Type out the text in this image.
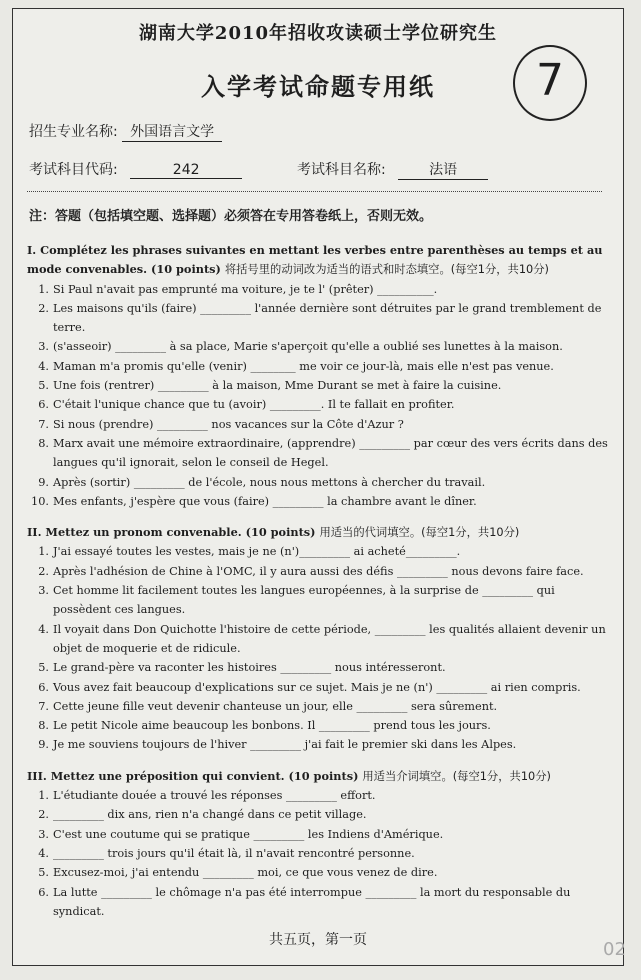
湖南大学2010年招收攻读硕士学位研究生
入学考试命题专用纸	7
招生专业名称: 外国语言文学
考试科目代码:	242	考试科目名称:	法语
注：答题（包括填空题、选择题）必须答在专用答卷纸上，否则无效。
I. Complétez les phrases suivantes en mettant les verbes entre parenthèses au temps et au mode convenables. (10 points) 将括号里的动词改为适当的语式和时态填空。(每空1分，共10分)
1. Si Paul n'avait pas emprunté ma voiture, je te l' (prêter) __________.
2. Les maisons qu'ils (faire) _________ l'année dernière sont détruites par le grand tremblement de terre.
3. (s'asseoir) _________ à sa place, Marie s'aperçoit qu'elle a oublié ses lunettes à la maison.
4. Maman m'a promis qu'elle (venir) ________ me voir ce jour-là, mais elle n'est pas venue.
5. Une fois (rentrer) _________ à la maison, Mme Durant se met à faire la cuisine.
6. C'était l'unique chance que tu (avoir) _________. Il te fallait en profiter.
7. Si nous (prendre) _________ nos vacances sur la Côte d'Azur ?
8. Marx avait une mémoire extraordinaire, (apprendre) _________ par cœur des vers écrits dans des langues qu'il ignorait, selon le conseil de Hegel.
9. Après (sortir) _________ de l'école, nous nous mettons à chercher du travail.
10. Mes enfants, j'espère que vous (faire) _________ la chambre avant le dîner.
II. Mettez un pronom convenable. (10 points) 用适当的代词填空。(每空1分，共10分)
1. J'ai essayé toutes les vestes, mais je ne (n')_________ ai acheté_________.
2. Après l'adhésion de Chine à l'OMC, il y aura aussi des défis _________ nous devons faire face.
3. Cet homme lit facilement toutes les langues européennes, à la surprise de _________ qui possèdent ces langues.
4. Il voyait dans Don Quichotte l'histoire de cette période, _________ les qualités allaient devenir un objet de moquerie et de ridicule.
5. Le grand-père va raconter les histoires _________ nous intéresseront.
6. Vous avez fait beaucoup d'explications sur ce sujet. Mais je ne (n') _________ ai rien compris.
7. Cette jeune fille veut devenir chanteuse un jour, elle _________ sera sûrement.
8. Le petit Nicole aime beaucoup les bonbons. Il _________ prend tous les jours.
9. Je me souviens toujours de l'hiver _________ j'ai fait le premier ski dans les Alpes.
III. Mettez une préposition qui convient. (10 points) 用适当介词填空。(每空1分，共10分)
1. L'étudiante douée a trouvé les réponses _________ effort.
2. _________ dix ans, rien n'a changé dans ce petit village.
3. C'est une coutume qui se pratique _________ les Indiens d'Amérique.
4. _________ trois jours qu'il était là, il n'avait rencontré personne.
5. Excusez-moi, j'ai entendu _________ moi, ce que vous venez de dire.
6. La lutte _________ le chômage n'a pas été interrompue _________ la mort du responsable du syndicat.
共五页，第一页	02
